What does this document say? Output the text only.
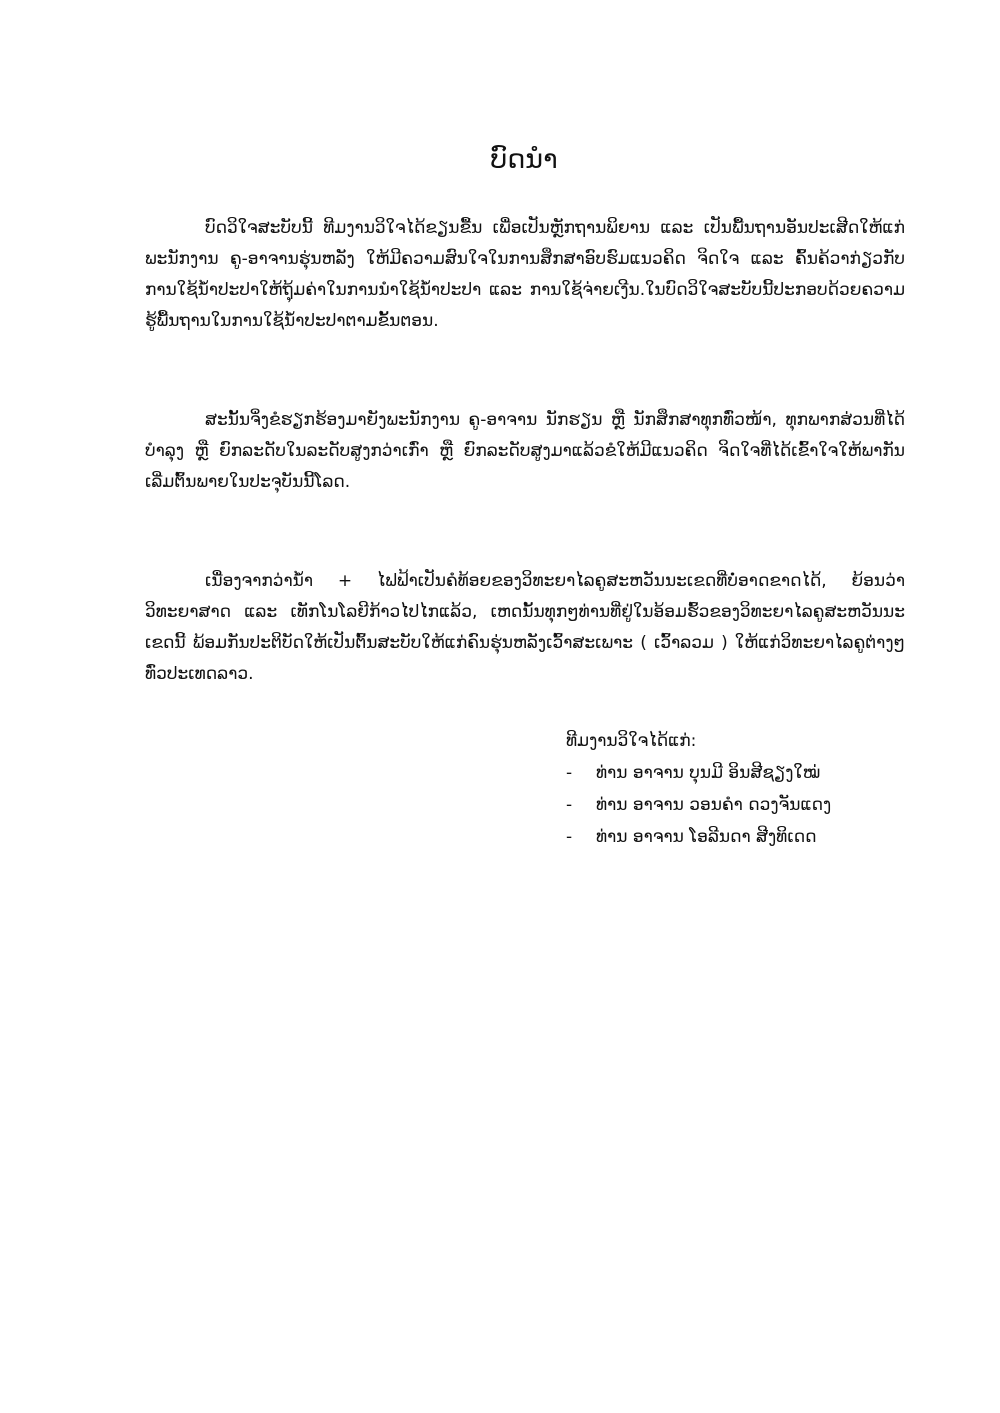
ບົດນຳ

ບົດວິໃຈສະບັບນີ້ ທີມງານວິໃຈໄດ້ຂຽນຂື້ນ ເພື່ອເປັນຫຼັກຖານພິຍານ ແລະ ເປັນພື້ນຖານອັນປະເສີດໃຫ້ແກ່ພະນັກງານ ຄູ-ອາຈານຮຸ່ນຫລັງ ໃຫ້ມີຄວາມສົນໃຈໃນການສຶກສາອົບຮົມແນວຄິດ ຈິດໃຈ ແລະ ຄົ້ນຄ້ວາກ່ຽວກັບການໃຊ້ນ້ຳປະປາໃຫ້ຖຸ້ມຄ່າໃນການນຳໃຊ້ນ້ຳປະປາ ແລະ ການໃຊ້ຈ່າຍເງີນ.ໃນບົດວິໃຈສະບັບນີ້ປະກອບດ້ວຍຄວາມຮູ້ພື້ນຖານໃນການໃຊ້ນ້ຳປະປາຕາມຂັ້ນຕອນ.

ສະນັ້ນຈິ່ງຂໍຮຽກຮ້ອງມາຍັງພະນັກງານ ຄູ-ອາຈານ ນັກຮຽນ ຫຼື ນັກສຶກສາທຸກທົ່ວໜ້າ, ທຸກພາກສ່ວນທີ່ໄດ້ບໍາລຸງ ຫຼື ຍົກລະດັບໃນລະດັບສູງກວ່າເກົ່າ ຫຼື ຍົກລະດັບສູງມາແລ້ວຂໍໃຫ້ມີແນວຄິດ ຈິດໃຈທີ່ໄດ້ເຂົ້າໃຈໃຫ້ພາກັນເລີ່ມຕົ້ນພາຍໃນປະຈຸບັນນີ້ໂລດ.

ເນື່ອງຈາກວ່ານໍ້າ + ໄຟຟ້າເປັນຄໍທ້ອຍຂອງວິທະຍາໄລຄູສະຫວັນນະເຂດທີ່ບໍ່ອາດຂາດໄດ້, ຍ້ອນວ່າວິທະຍາສາດ ແລະ ເທັກໂນໂລຍີກ້າວໄປໄກແລ້ວ, ເຫດນັ້ນທຸກໆທ່ານທີ່ຢູ່ໃນອ້ອມຮົ້ວຂອງວິທະຍາໄລຄູສະຫວັນນະເຂດນີ້ ພ້ອມກັນປະຕິບັດໃຫ້ເປັນຕົ້ນສະບັບໃຫ້ແກ່ຄົນຮຸ່ນຫລັງເວົ້າສະເພາະ ( ເວົ້າລວມ ) ໃຫ້ແກ່ວິທະຍາໄລຄູຕ່າງໆທົ່ວປະເທດລາວ.

ທີມງານວິໃຈໄດ້ແກ່:
- ທ່ານ ອາຈານ ບຸນມີ ອິນສີຊຽງໃໝ່
- ທ່ານ ອາຈານ ວອນຄຳ ດວງຈັນແດງ
- ທ່ານ ອາຈານ ໂອລີນດາ ສີງທິເດດ
